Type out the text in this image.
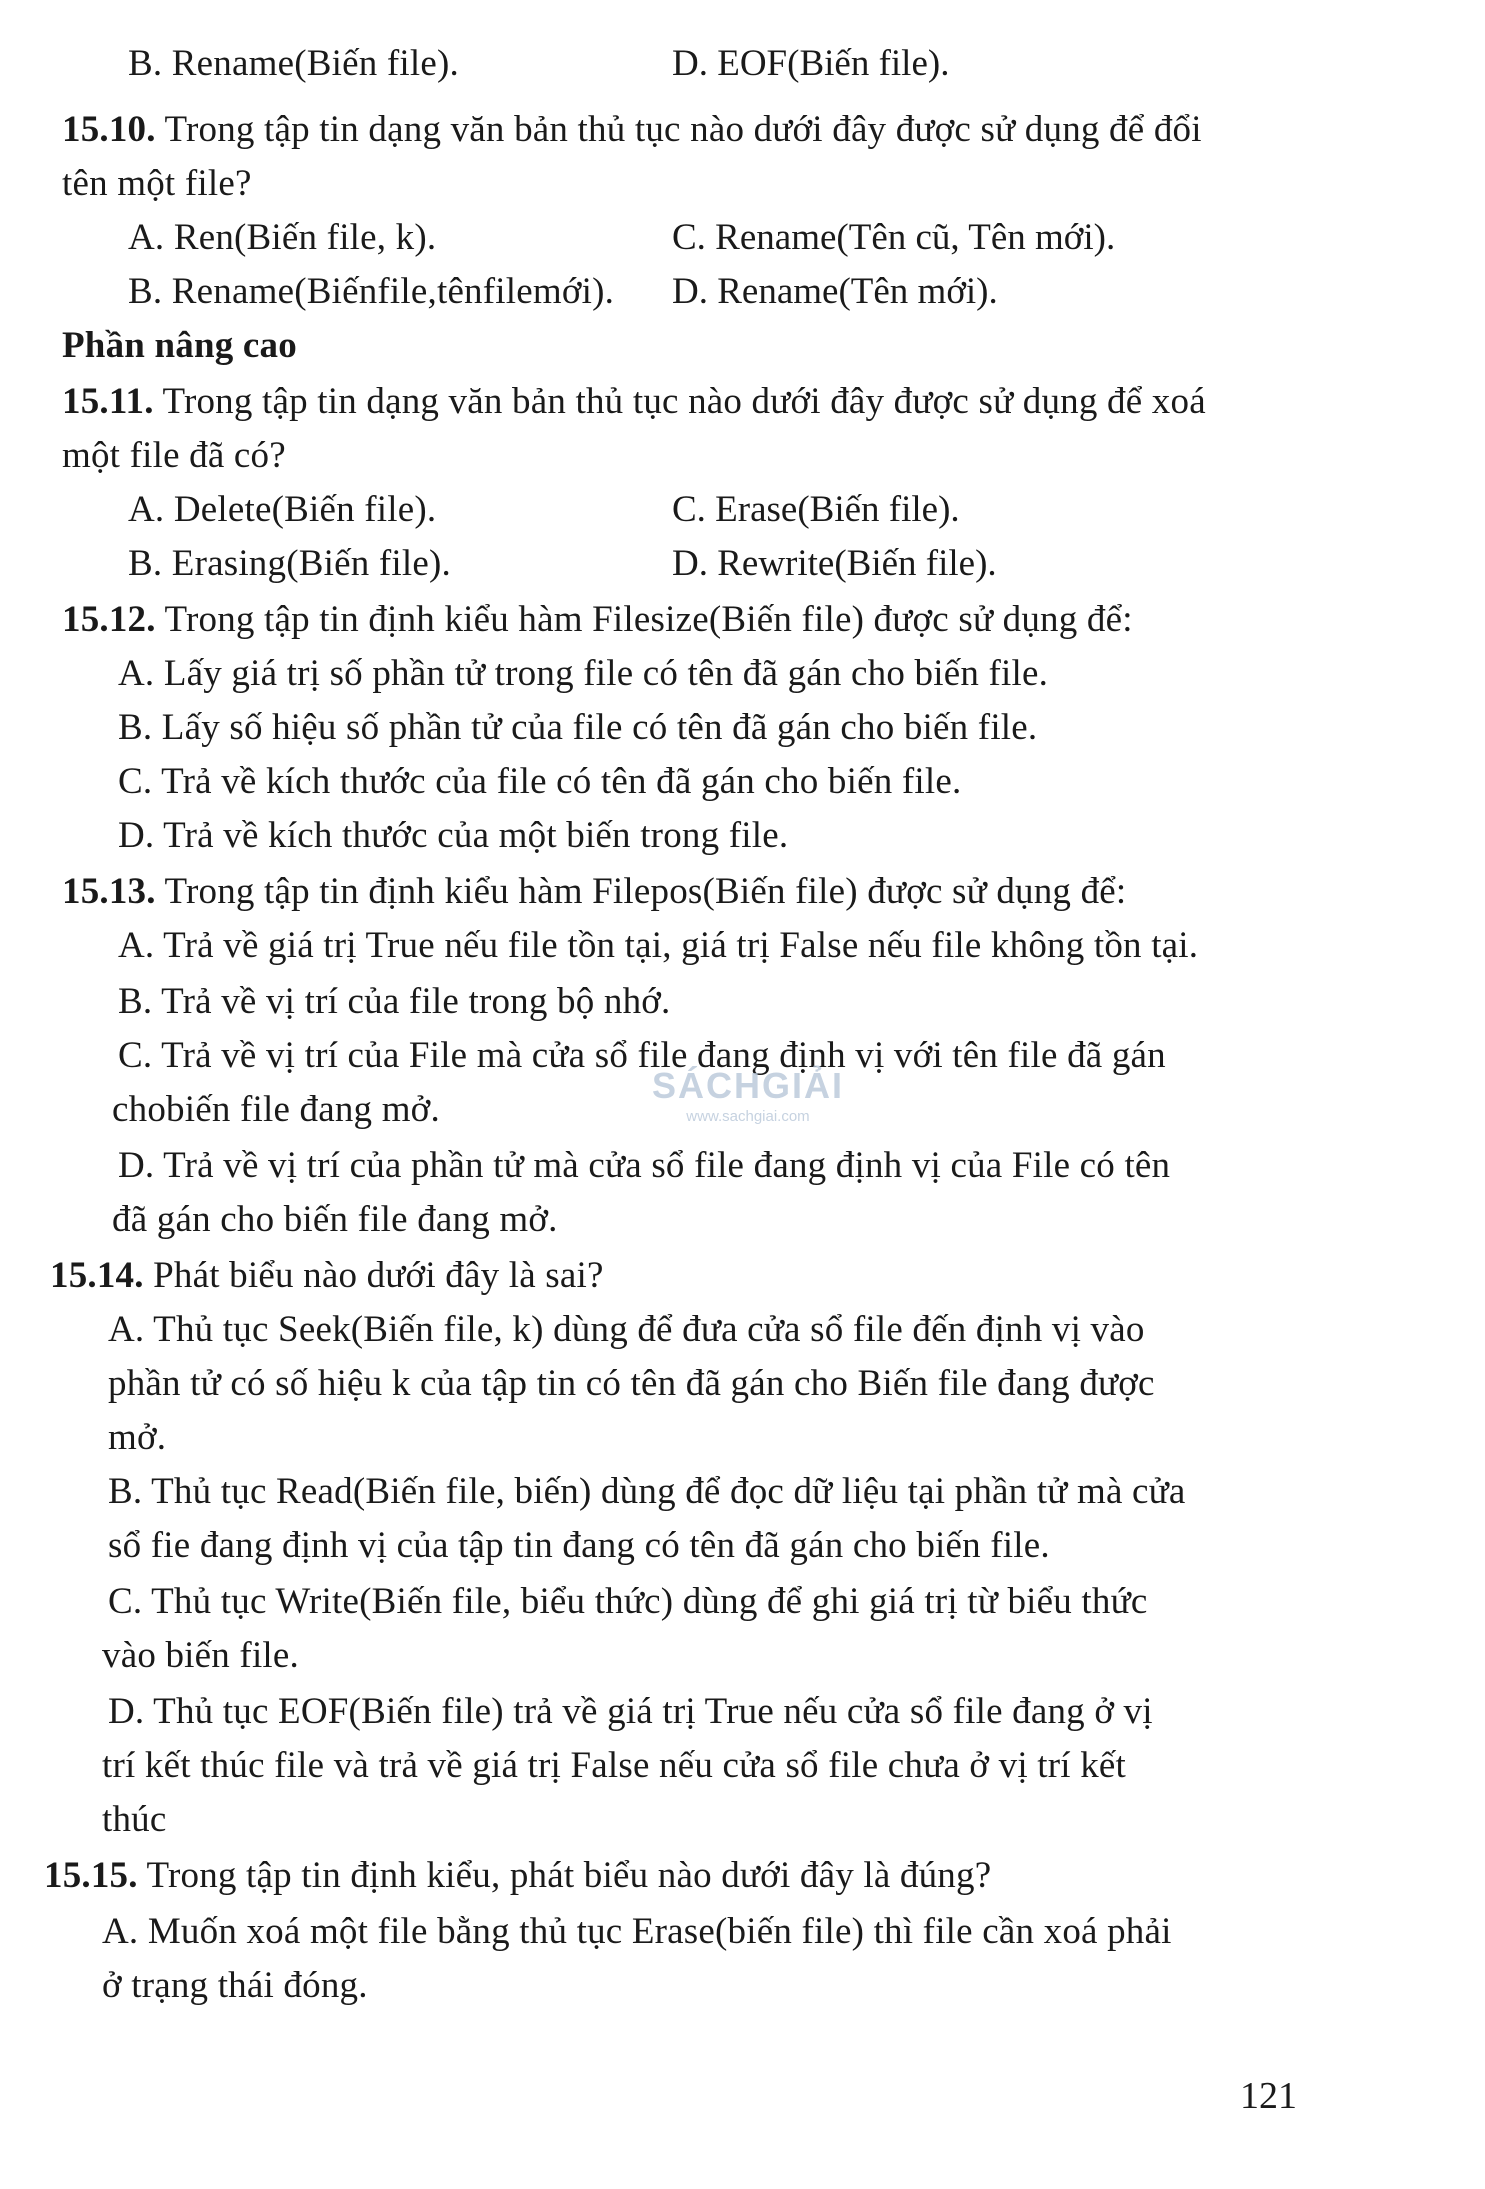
B. Rename(Biến file).	D. EOF(Biến file).
15.10. Trong tập tin dạng văn bản thủ tục nào dưới đây được sử dụng để đổi
tên một file?
A. Ren(Biến file, k).	C. Rename(Tên cũ, Tên mới).
B. Rename(Biếnfile,tênfilemới). D. Rename(Tên mới).
Phần nâng cao
15.11. Trong tập tin dạng văn bản thủ tục nào dưới đây được sử dụng để xoá
một file đã có?
A. Delete(Biến file).	C. Erase(Biến file).
B. Erasing(Biến file).	D. Rewrite(Biến file).
15.12. Trong tập tin định kiểu hàm Filesize(Biến file) được sử dụng để:
A. Lấy giá trị số phần tử trong file có tên đã gán cho biến file.
B. Lấy số hiệu số phần tử của file có tên đã gán cho biến file.
C. Trả về kích thước của file có tên đã gán cho biến file.
D. Trả về kích thước của một biến trong file.
15.13. Trong tập tin định kiểu hàm Filepos(Biến file) được sử dụng để:
A. Trả về giá trị True nếu file tồn tại, giá trị False nếu file không tồn tại.
B. Trả về vị trí của file trong bộ nhớ.
C. Trả về vị trí của File mà cửa sổ file đang định vị với tên file đã gán
chobiến file đang mở.
D. Trả về vị trí của phần tử mà cửa sổ file đang định vị của File có tên
đã gán cho biến file đang mở.
15.14. Phát biểu nào dưới đây là sai?
A. Thủ tục Seek(Biến file, k) dùng để đưa cửa sổ file đến định vị vào
phần tử có số hiệu k của tập tin có tên đã gán cho Biến file đang được
mở.
B. Thủ tục Read(Biến file, biến) dùng để đọc dữ liệu tại phần tử mà cửa
sổ fie đang định vị của tập tin đang có tên đã gán cho biến file.
C. Thủ tục Write(Biến file, biểu thức) dùng để ghi giá trị từ biểu thức
vào biến file.
D. Thủ tục EOF(Biến file) trả về giá trị True nếu cửa sổ file đang ở vị
trí kết thúc file và trả về giá trị False nếu cửa sổ file chưa ở vị trí kết
thúc
15.15. Trong tập tin định kiểu, phát biểu nào dưới đây là đúng?
A. Muốn xoá một file bằng thủ tục Erase(biến file) thì file cần xoá phải
ở trạng thái đóng.
SÁCHGIẢI
www.sachgiai.com
121
